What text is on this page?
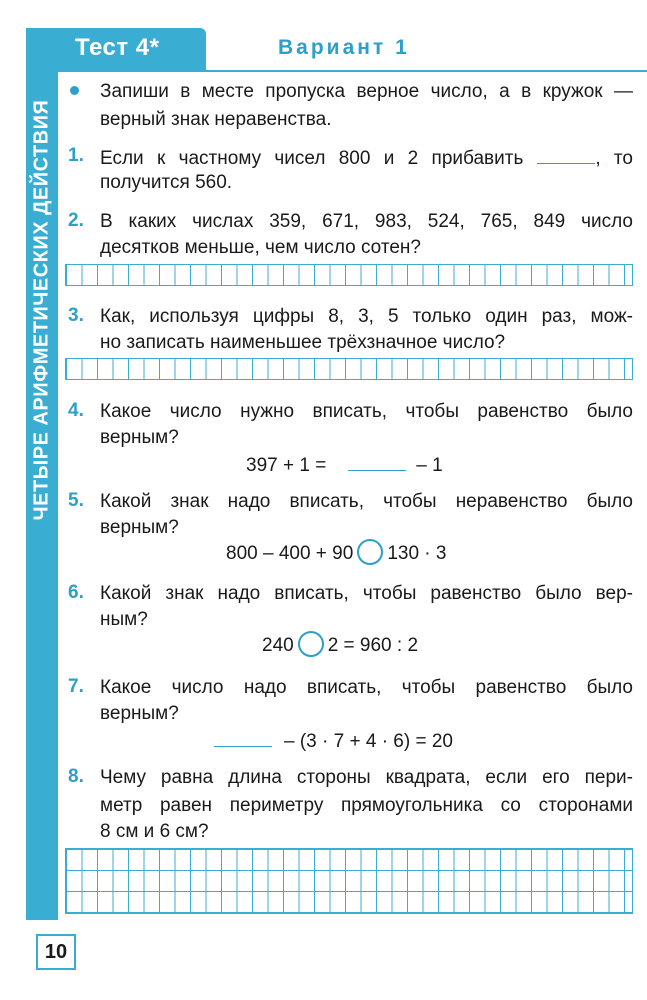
ЧЕТЫРЕ АРИФМЕТИЧЕСКИХ ДЕЙСТВИЯ
Тест 4*	Вариант 1
Запиши в месте пропуска верное число, а в кружок —
верный знак неравенства.
1. Если к частному чисел 800 и 2 прибавить	, то
получится 560.
2. В каких числах 359, 671, 983, 524, 765, 849 число
десятков меньше, чем число сотен?
3. Как, используя цифры 8, 3, 5 только один раз, мож-
но записать наименьшее трёхзначное число?
4. Какое число нужно вписать, чтобы равенство было
верным?
397 + 1 =	– 1
5. Какой знак надо вписать, чтобы неравенство было
верным?
800 – 400 + 90 130 · 3
6. Какой знак надо вписать, чтобы равенство было вер-
ным?
240 2 = 960 : 2
7. Какое число надо вписать, чтобы равенство было
верным?
– (3 · 7 + 4 · 6) = 20
8. Чему равна длина стороны квадрата, если его пери-
метр равен периметру прямоугольника со сторонами
8 см и 6 см?
10
